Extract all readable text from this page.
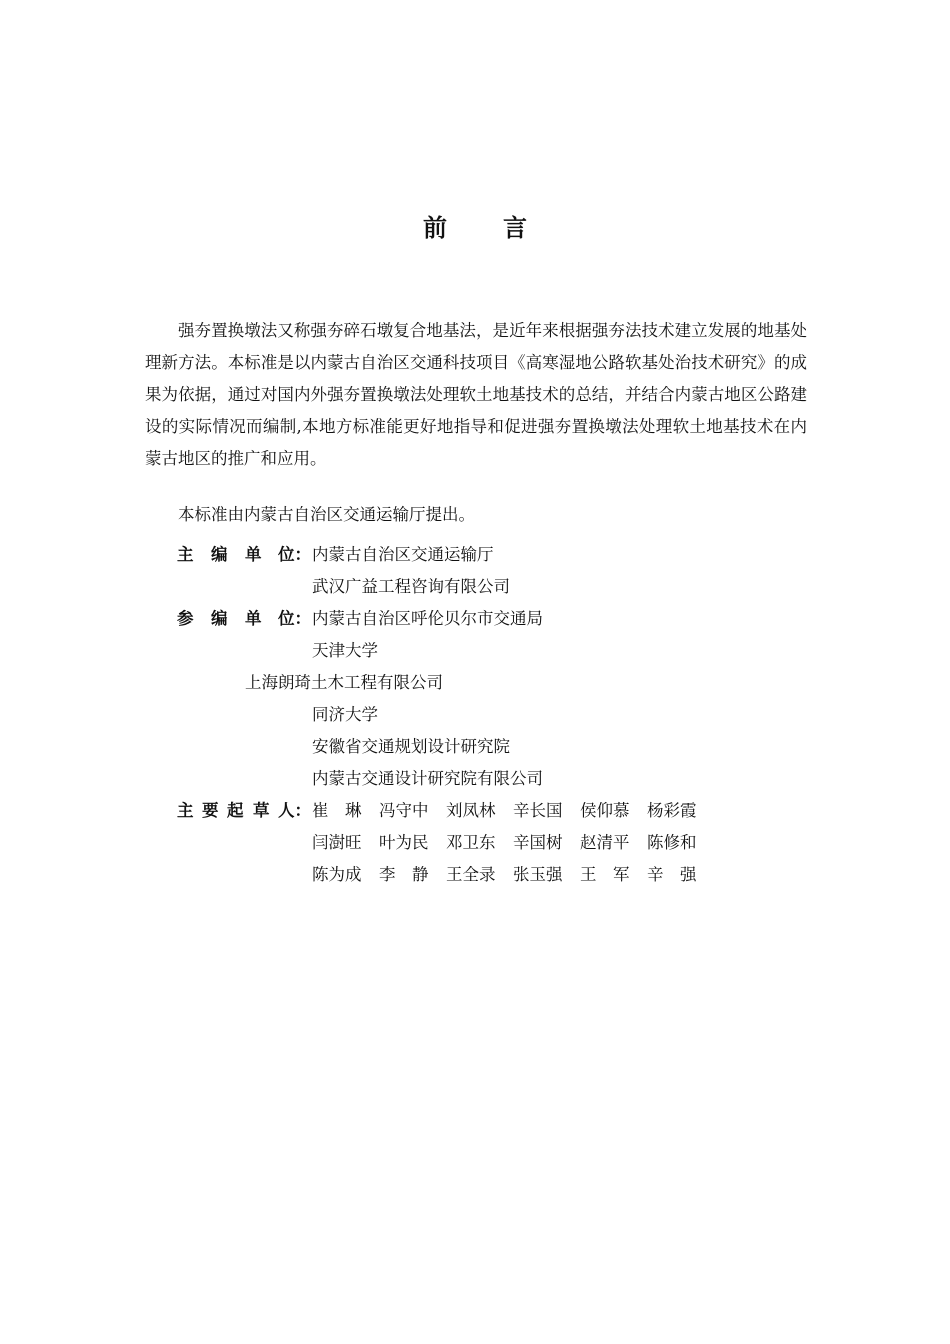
前 言
强夯置换墩法又称强夯碎石墩复合地基法，是近年来根据强夯法技术建立发展的地基处理新方法。本标准是以内蒙古自治区交通科技项目《高寒湿地公路软基处治技术研究》的成果为依据，通过对国内外强夯置换墩法处理软土地基技术的总结，并结合内蒙古地区公路建设的实际情况而编制,本地方标准能更好地指导和促进强夯置换墩法处理软土地基技术在内蒙古地区的推广和应用。
本标准由内蒙古自治区交通运输厅提出。
主 编 单 位： 内蒙古自治区交通运输厅
武汉广益工程咨询有限公司
参 编 单 位： 内蒙古自治区呼伦贝尔市交通局
天津大学
上海朗琦土木工程有限公司
同济大学
安徽省交通规划设计研究院
内蒙古交通设计研究院有限公司
主 要 起 草 人： 崔　琳 冯守中 刘凤林 辛长国 侯仰慕 杨彩霞
闫澍旺 叶为民 邓卫东 辛国树 赵清平 陈修和
陈为成 李　静 王全录 张玉强 王　军 辛　强
